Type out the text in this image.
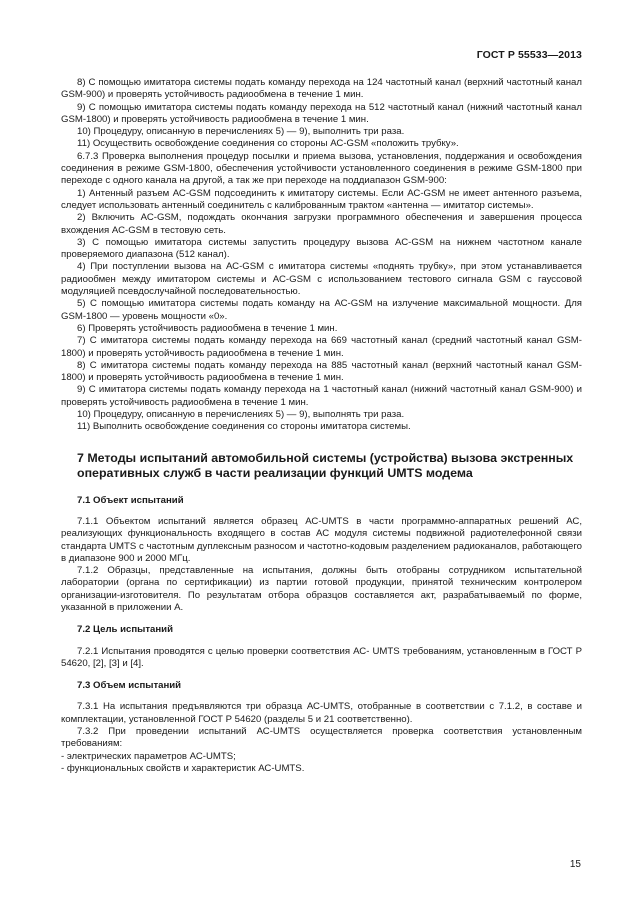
ГОСТ Р 55533—2013

8) С помощью имитатора системы подать команду перехода на 124 частотный канал (верхний частотный канал GSM-900) и проверять устойчивость радиообмена в течение 1 мин.

9) С помощью имитатора системы подать команду перехода на 512 частотный канал (нижний частотный канал GSM-1800) и проверять устойчивость радиообмена в течение 1 мин.

10) Процедуру, описанную в перечислениях 5) — 9), выполнить три раза.

11) Осуществить освобождение соединения со стороны АС-GSM «положить трубку».

6.7.3 Проверка выполнения процедур посылки и приема вызова, установления, поддержания и освобождения соединения в режиме GSM-1800, обеспечения устойчивости установленного соединения в режиме GSM-1800 при переходе с одного канала на другой, а так же при переходе на поддиапазон GSM-900:

1) Антенный разъем АС-GSM подсоединить к имитатору системы. Если АС-GSM не имеет антенного разъема, следует использовать антенный соединитель с калиброванным трактом «антенна — имитатор системы».

2) Включить АС-GSM, подождать окончания загрузки программного обеспечения и завершения процесса вхождения АС-GSM в тестовую сеть.

3) С помощью имитатора системы запустить процедуру вызова АС-GSM на нижнем частотном канале проверяемого диапазона (512 канал).

4) При поступлении вызова на АС-GSM с имитатора системы «поднять трубку», при этом устанавливается радиообмен между имитатором системы и АС-GSM с использованием тестового сигнала GSM с гауссовой модуляцией псевдослучайной последовательностью.

5) С помощью имитатора системы подать команду на АС-GSM на излучение максимальной мощности. Для GSM-1800 — уровень мощности «0».

6) Проверять устойчивость радиообмена в течение 1 мин.

7) С имитатора системы подать команду перехода на 669 частотный канал (средний частотный канал GSM-1800) и проверять устойчивость радиообмена в течение 1 мин.

8) С имитатора системы подать команду перехода на 885 частотный канал (верхний частотный канал GSM-1800) и проверять устойчивость радиообмена в течение 1 мин.

9) С имитатора системы подать команду перехода на 1 частотный канал (нижний частотный канал GSM-900) и проверять устойчивость радиообмена в течение 1 мин.

10) Процедуру, описанную в перечислениях 5) — 9), выполнять три раза.

11) Выполнить освобождение соединения со стороны имитатора системы.

7 Методы испытаний автомобильной системы (устройства) вызова экстренных оперативных служб в части реализации функций UMTS модема
7.1 Объект испытаний

7.1.1 Объектом испытаний является образец АС-UMTS в части программно-аппаратных решений АС, реализующих функциональность входящего в состав АС модуля системы подвижной радиотелефонной связи стандарта UMTS с частотным дуплексным разносом и частотно-кодовым разделением радиоканалов, работающего в диапазоне 900 и 2000 МГц.

7.1.2 Образцы, представленные на испытания, должны быть отобраны сотрудником испытательной лаборатории (органа по сертификации) из партии готовой продукции, принятой техническим контролером организации-изготовителя. По результатам отбора образцов составляется акт, разрабатываемый по форме, указанной в приложении А.

7.2 Цель испытаний

7.2.1 Испытания проводятся с целью проверки соответствия АС- UMTS требованиям, установленным в ГОСТ Р 54620, [2], [3] и [4].

7.3 Объем испытаний

7.3.1 На испытания предъявляются три образца АС-UMTS, отобранные в соответствии с 7.1.2, в составе и комплектации, установленной ГОСТ Р 54620 (разделы 5 и 21 соответственно).

7.3.2 При проведении испытаний АС-UMTS осуществляется проверка соответствия установленным требованиям:

- электрических параметров АС-UMTS;

- функциональных свойств и характеристик АС-UMTS.

15
